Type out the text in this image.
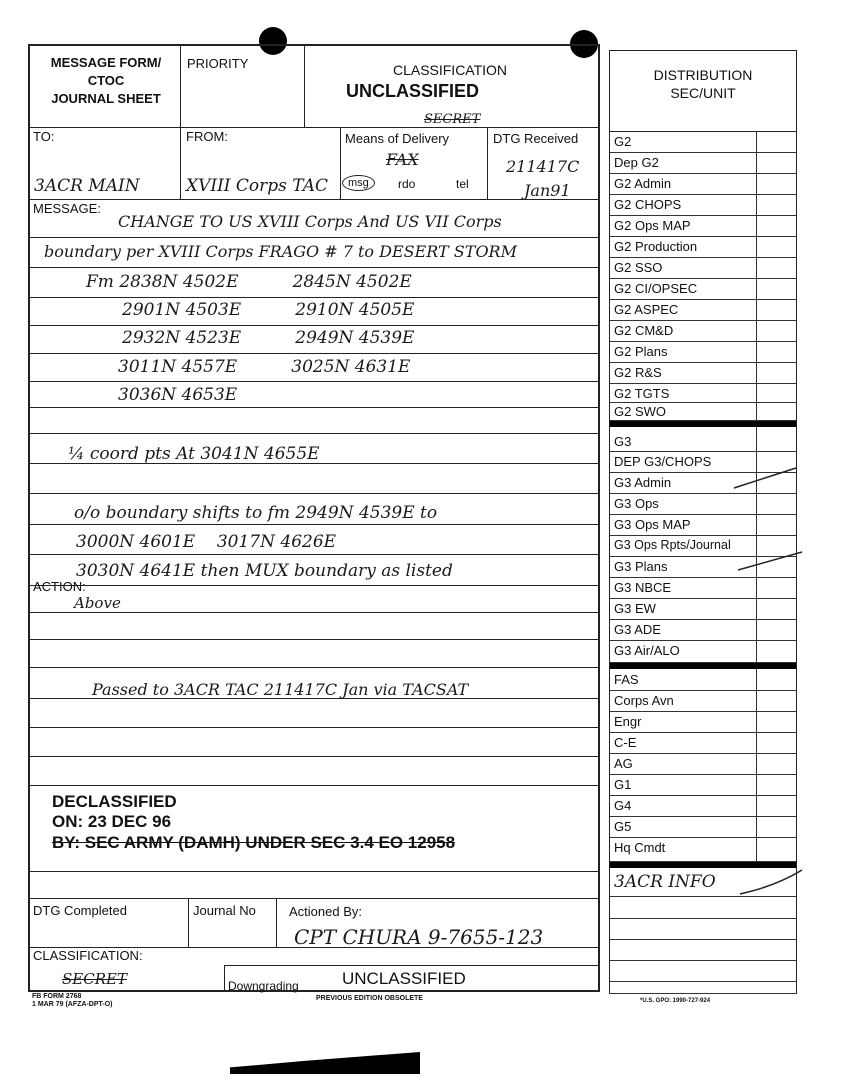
MESSAGE FORM/
CTOC
JOURNAL SHEET
PRIORITY	CLASSIFICATION
UNCLASSIFIED
SECRET
TO:
3ACR MAIN
FROM:
XVIII Corps TAC
Means of Delivery
FAX
msg	rdo	tel
DTG Received
211417C
Jan91
MESSAGE:
CHANGE TO US XVIII Corps And US VII Corps
boundary per XVIII Corps FRAGO # 7 to DESERT STORM
Fm 2838N 4502E          2845N 4502E
2901N 4503E          2910N 4505E
2932N 4523E          2949N 4539E
3011N 4557E          3025N 4631E
3036N 4653E
¼ coord pts At 3041N 4655E
o/o boundary shifts to fm 2949N 4539E to
3000N 4601E    3017N 4626E
3030N 4641E then MUX boundary as listed
ACTION:
Above
Passed to 3ACR TAC 211417C Jan via TACSAT
DECLASSIFIED
ON: 23 DEC 96
BY: SEC ARMY (DAMH) UNDER SEC 3.4 EO 12958
DTG Completed	Journal No	Actioned By:
CPT CHURA 9-7655-123
CLASSIFICATION:
SECRET	Downgrading	UNCLASSIFIED
FB FORM 2768
1 MAR 79 (AFZA-DPT-O)
PREVIOUS EDITION OBSOLETE	*U.S. GPO: 1990-727-924
DISTRIBUTION
SEC/UNIT
G2
Dep G2
G2 Admin
G2 CHOPS
G2 Ops MAP
G2 Production
G2 SSO
G2 CI/OPSEC
G2 ASPEC
G2 CM&D
G2 Plans
G2 R&S
G2 TGTS
G2 SWO
G3
DEP G3/CHOPS
G3 Admin
G3 Ops
G3 Ops MAP
G3 Ops Rpts/Journal
G3 Plans
G3 NBCE
G3 EW
G3 ADE
G3 Air/ALO
FAS
Corps Avn
Engr
C-E
AG
G1
G4
G5
Hq Cmdt
3ACR INFO
